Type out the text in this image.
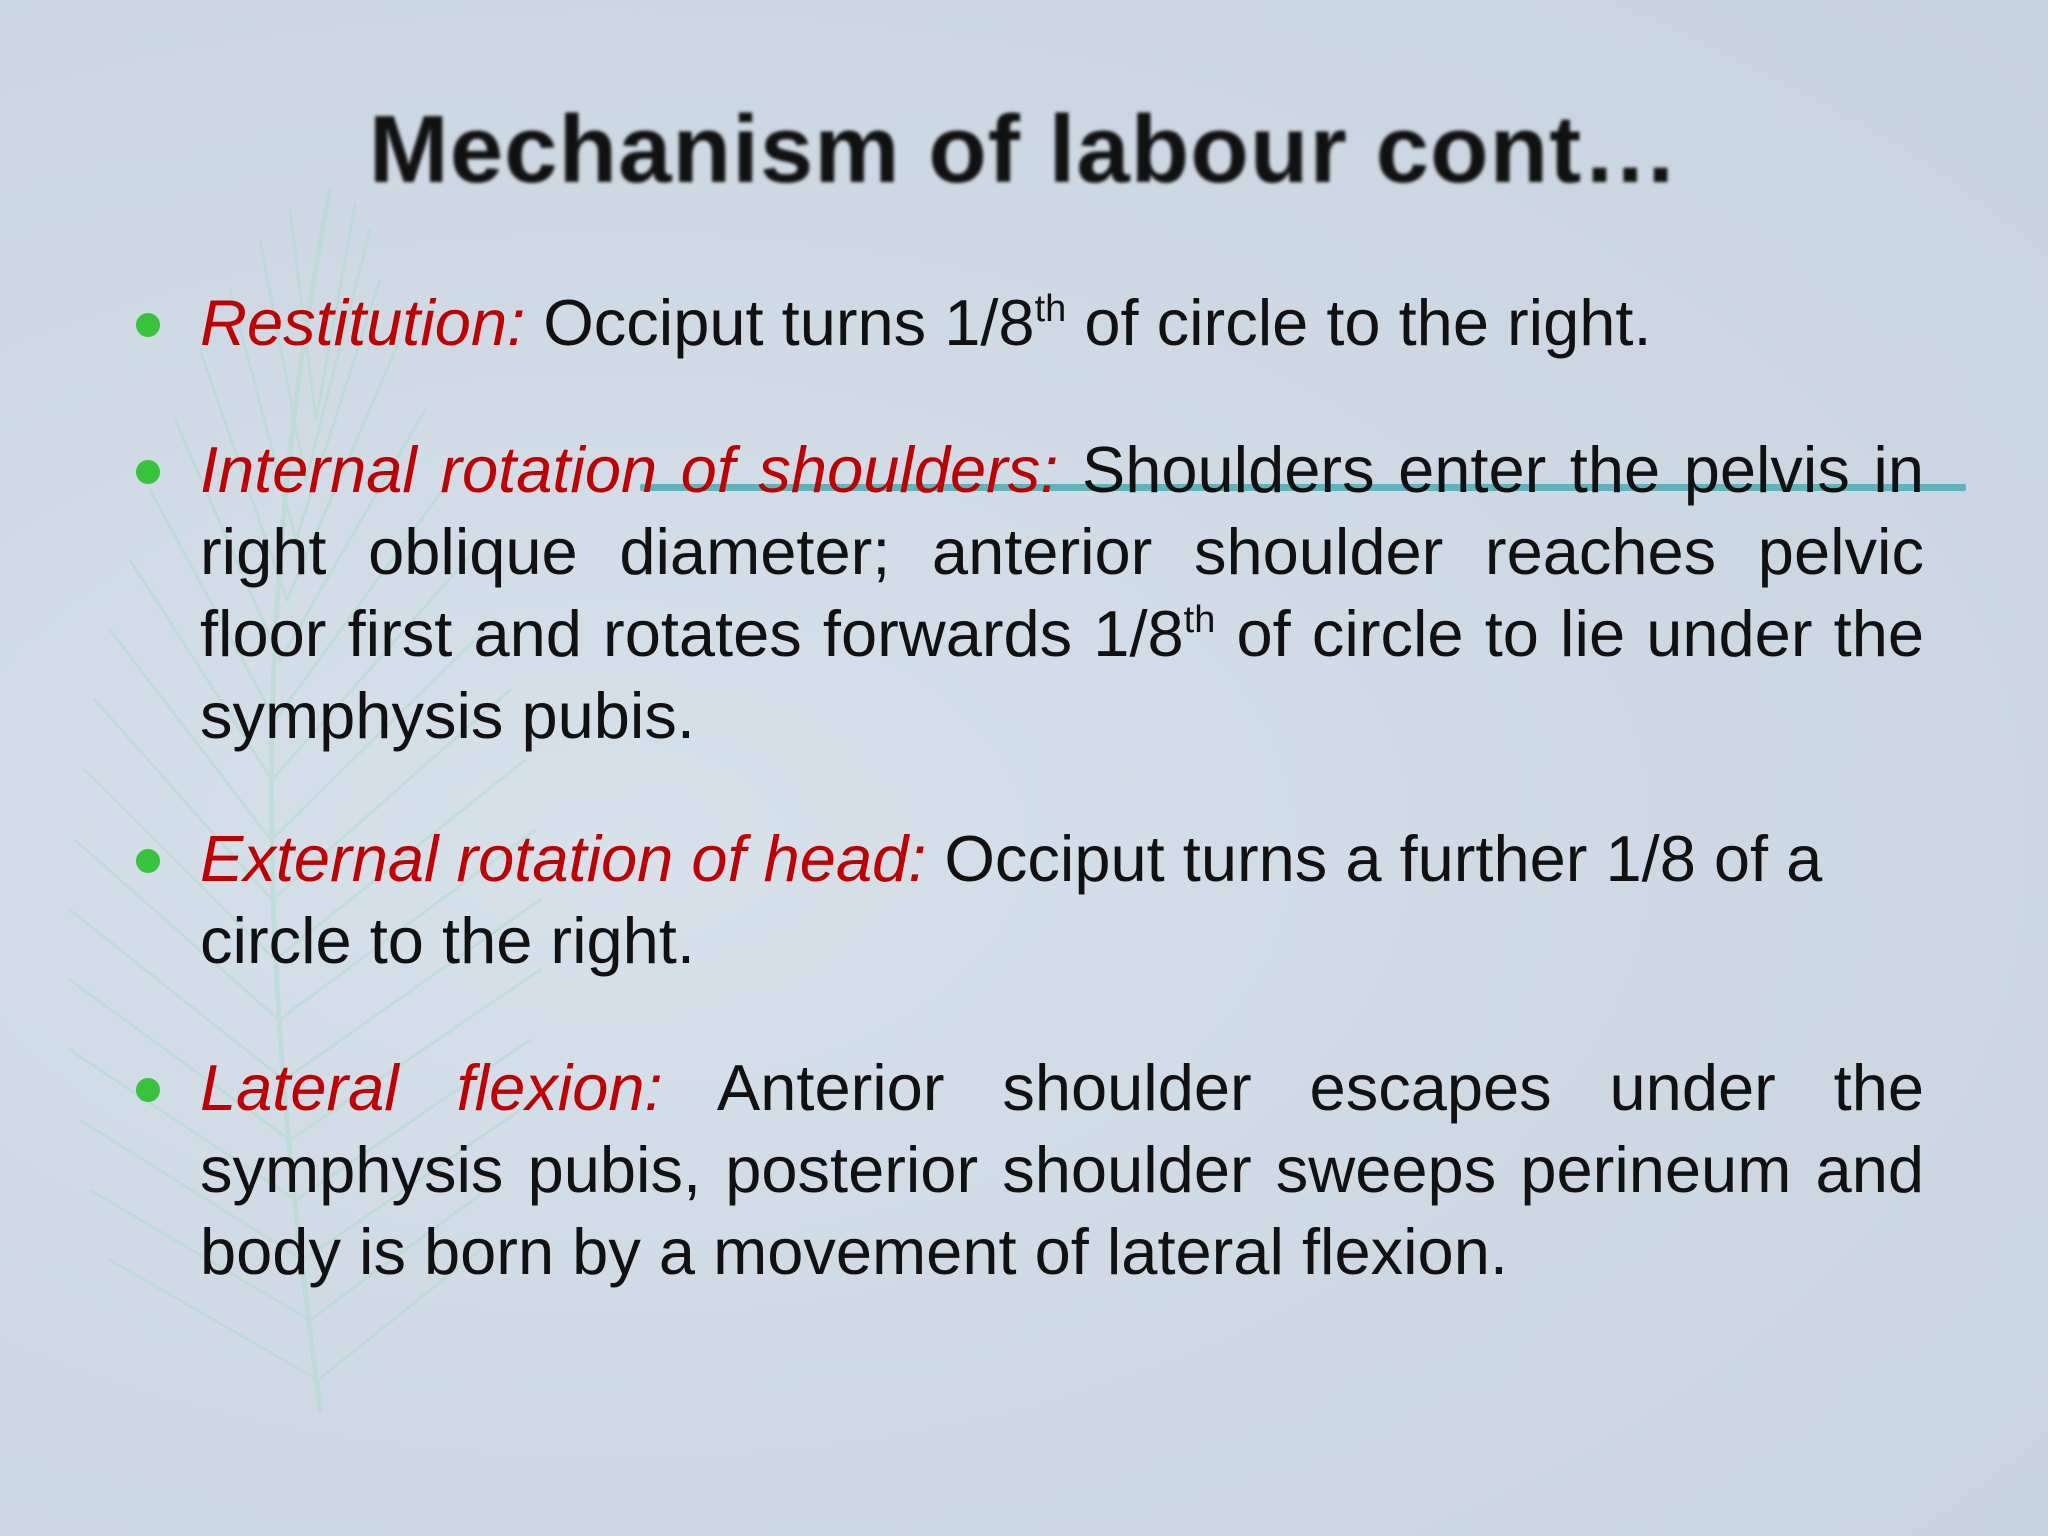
Mechanism of labour cont…
Restitution: Occiput turns 1/8th of circle to the right.
Internal rotation of shoulders: Shoulders enter the pelvis in right oblique diameter; anterior shoulder reaches pelvic floor first and rotates forwards 1/8th of circle to lie under the symphysis pubis.
External rotation of head: Occiput turns a further 1/8 of a circle to the right.
Lateral flexion: Anterior shoulder escapes under the symphysis pubis, posterior shoulder sweeps perineum and body is born by a movement of lateral flexion.
